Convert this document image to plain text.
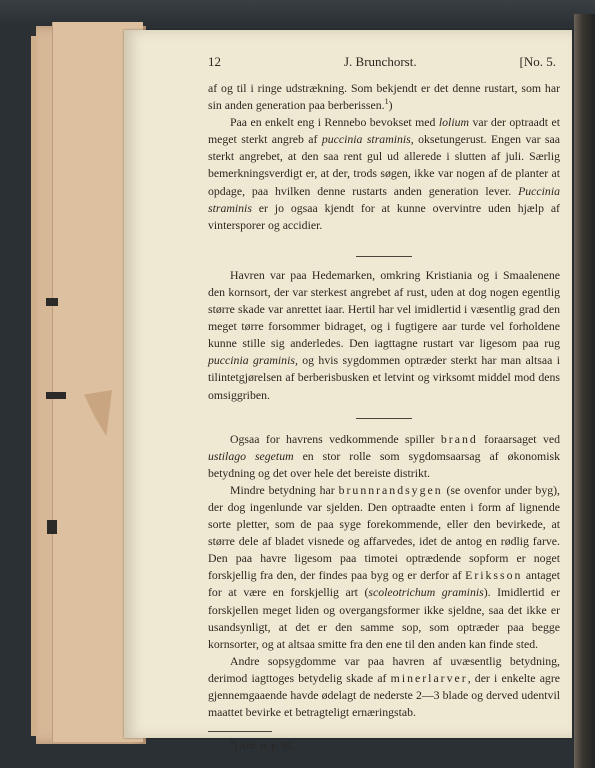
12	J. Brunchorst.	[No. 5.

af og til i ringe udstrækning. Som bekjendt er det denne rustart, som har sin anden generation paa berberissen.$^1$)

Paa en enkelt eng i Rennebo bevokset med lolium var der optraadt et meget sterkt angreb af puccinia straminis, oksetungerust. Engen var saa sterkt angrebet, at den saa rent gul ud allerede i slutten af juli. Særlig bemerkningsverdigt er, at der, trods søgen, ikke var nogen af de planter at opdage, paa hvilken denne rustarts anden generation lever. Puccinia straminis er jo ogsaa kjendt for at kunne overvintre uden hjælp af vintersporer og accidier.

Havren var paa Hedemarken, omkring Kristiania og i Smaalenene den kornsort, der var sterkest angrebet af rust, uden at dog nogen egentlig større skade var anrettet iaar. Hertil har vel imidlertid i væsentlig grad den meget tørre forsommer bidraget, og i fugtigere aar turde vel forholdene kunne stille sig anderledes. Den iagttagne rustart var ligesom paa rug puccinia graminis, og hvis sygdommen optræder sterkt har man altsaa i tilintetgjørelsen af berberisbusken et letvint og virksomt middel mod dens omsiggriben.

Ogsaa for havrens vedkommende spiller brand foraarsaget ved ustilago segetum en stor rolle som sygdomsaarsag af økonomisk betydning og det over hele det bereiste distrikt.

Mindre betydning har brunnrandsygen (se ovenfor under byg), der dog ingenlunde var sjelden. Den optraadte enten i form af lignende sorte pletter, som de paa syge forekommende, eller den bevirkede, at større dele af bladet visnede og affarvedes, idet de antog en rødlig farve. Den paa havre ligesom paa timotei optrædende sopform er noget forskjellig fra den, der findes paa byg og er derfor af Eriksson antaget for at være en forskjellig art (scoleotrichum graminis). Imidlertid er forskjellen meget liden og overgangsformer ikke sjeldne, saa det ikke er usandsynligt, at det er den samme sop, som optræder paa begge kornsorter, og at altsaa smitte fra den ene til den anden kan finde sted.

Andre sopsygdomme var paa havren af uvæsentlig betydning, derimod iagttoges betydelig skade af minerlarver, der i enkelte agre gjennemgaaende havde ødelagt de nederste 2—3 blade og derved udentvil maattet bevirke et betragteligt ernæringstab.

$^1$) Anf. st. p. 95.
